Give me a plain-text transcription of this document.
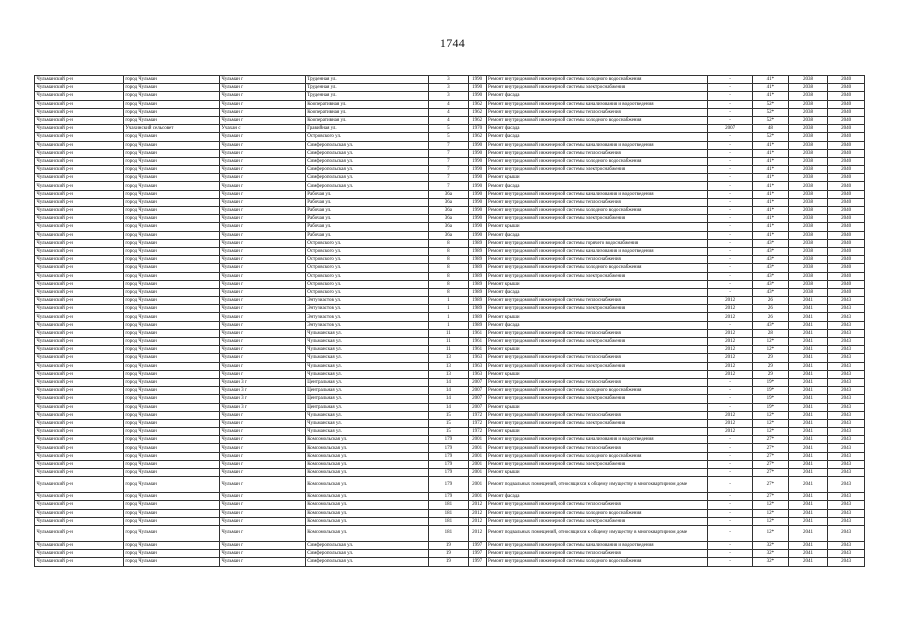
1744
Чульманский р-н	город Чульман	Чульман г	Труденная ул.	3	1990	Ремонт внутридомовой инженерной системы холодного водоснабжения	-	41*	2038	2040
Чульманский р-н	город Чульман	Чульман г	Труденная ул.	3	1990	Ремонт внутридомовой инженерной системы электроснабжения	-	41*	2038	2040
Чульманский р-н	город Чульман	Чульман г	Труденная ул.	3	1990	Ремонт фасада	-	41*	2038	2040
Чульманский р-н	город Чульман	Чульман г	Кооперативная ул.	4	1962	Ремонт внутридомовой инженерной системы канализования и водоотведения	-	52*	2038	2040
Чульманский р-н	город Чульман	Чульман г	Кооперативная ул.	4	1962	Ремонт внутридомовой инженерной системы теплоснабжения	-	52*	2038	2040
Чульманский р-н	город Чульман	Чульман г	Кооперативная ул.	4	1962	Ремонт внутридомовой инженерной системы холодного водоснабжения	-	52*	2038	2040
Чульманский р-н	Учахинский сельсовет	Учахан с	Гравийная ул.	5	1970	Ремонт фасада	2007	48	2038	2040
Чульманский р-н	город Чульман	Чульман г	Островского ул.	5	1962	Ремонт фасада	-	52*	2038	2040
Чульманский р-н	город Чульман	Чульман г	Симферопольская ул.	7	1990	Ремонт внутридомовой инженерной системы канализования и водоотведения	-	41*	2038	2040
Чульманский р-н	город Чульман	Чульман г	Симферопольская ул.	7	1990	Ремонт внутридомовой инженерной системы теплоснабжения	-	41*	2038	2040
Чульманский р-н	город Чульман	Чульман г	Симферопольская ул.	7	1990	Ремонт внутридомовой инженерной системы холодного водоснабжения	-	41*	2038	2040
Чульманский р-н	город Чульман	Чульман г	Симферопольская ул.	7	1990	Ремонт внутридомовой инженерной системы электроснабжения	-	41*	2038	2040
Чульманский р-н	город Чульман	Чульман г	Симферопольская ул.	7	1990	Ремонт крыши	-	41*	2038	2040
Чульманский р-н	город Чульман	Чульман г	Симферопольская ул.	7	1990	Ремонт фасада	-	41*	2038	2040
Чульманский р-н	город Чульман	Чульман г	Рабочая ул.	36а	1990	Ремонт внутридомовой инженерной системы канализования и водоотведения	-	41*	2038	2040
Чульманский р-н	город Чульман	Чульман г	Рабочая ул.	36а	1990	Ремонт внутридомовой инженерной системы теплоснабжения	-	41*	2038	2040
Чульманский р-н	город Чульман	Чульман г	Рабочая ул.	36а	1990	Ремонт внутридомовой инженерной системы холодного водоснабжения	-	41*	2038	2040
Чульманский р-н	город Чульман	Чульман г	Рабочая ул.	36а	1990	Ремонт внутридомовой инженерной системы электроснабжения	-	41*	2038	2040
Чульманский р-н	город Чульман	Чульман г	Рабочая ул.	36а	1990	Ремонт крыши	-	41*	2038	2040
Чульманский р-н	город Чульман	Чульман г	Рабочая ул.	36а	1990	Ремонт фасада	-	41*	2038	2040
Чульманский р-н	город Чульман	Чульман г	Островского ул.	8	1989	Ремонт внутридомовой инженерной системы горячего водоснабжения	-	43*	2038	2040
Чульманский р-н	город Чульман	Чульман г	Островского ул.	8	1989	Ремонт внутридомовой инженерной системы канализования и водоотведения	-	43*	2038	2040
Чульманский р-н	город Чульман	Чульман г	Островского ул.	8	1989	Ремонт внутридомовой инженерной системы теплоснабжения	-	43*	2038	2040
Чульманский р-н	город Чульман	Чульман г	Островского ул.	8	1989	Ремонт внутридомовой инженерной системы холодного водоснабжения	-	43*	2038	2040
Чульманский р-н	город Чульман	Чульман г	Островского ул.	8	1989	Ремонт внутридомовой инженерной системы электроснабжения	-	43*	2038	2040
Чульманский р-н	город Чульман	Чульман г	Островского ул.	8	1989	Ремонт крыши	-	43*	2038	2040
Чульманский р-н	город Чульман	Чульман г	Островского ул.	8	1989	Ремонт фасада	-	43*	2038	2040
Чульманский р-н	город Чульман	Чульман г	Энтузиастов ул.	1	1989	Ремонт внутридомовой инженерной системы теплоснабжения	2012	26	2041	2043
Чульманский р-н	город Чульман	Чульман г	Энтузиастов ул.	1	1989	Ремонт внутридомовой инженерной системы электроснабжения	2012	26	2041	2043
Чульманский р-н	город Чульман	Чульман г	Энтузиастов ул.	1	1989	Ремонт крыши	2012	26	2041	2043
Чульманский р-н	город Чульман	Чульман г	Энтузиастов ул.	1	1989	Ремонт фасада	-	43*	2041	2043
Чульманский р-н	город Чульман	Чульман г	Чульманская ул.	11	1961	Ремонт внутридомовой инженерной системы теплоснабжения	2012	28	2041	2043
Чульманский р-н	город Чульман	Чульман г	Чульманская ул.	11	1961	Ремонт внутридомовой инженерной системы электроснабжения	2012	12*	2041	2043
Чульманский р-н	город Чульман	Чульман г	Чульманская ул.	11	1961	Ремонт крыши	2012	12*	2041	2043
Чульманский р-н	город Чульман	Чульман г	Чульманская ул.	13	1963	Ремонт внутридомовой инженерной системы теплоснабжения	2012	29	2041	2043
Чульманский р-н	город Чульман	Чульман г	Чульманская ул.	13	1963	Ремонт внутридомовой инженерной системы электроснабжения	2012	29	2041	2043
Чульманский р-н	город Чульман	Чульман г	Чульманская ул.	13	1963	Ремонт крыши	2012	29	2041	2043
Чульманский р-н	город Чульман	Чульман 3 г	Центральная ул.	14	2007	Ремонт внутридомовой инженерной системы теплоснабжения	-	19*	2041	2043
Чульманский р-н	город Чульман	Чульман 3 г	Центральная ул.	14	2007	Ремонт внутридомовой инженерной системы холодного водоснабжения	-	19*	2041	2043
Чульманский р-н	город Чульман	Чульман 3 г	Центральная ул.	14	2007	Ремонт внутридомовой инженерной системы электроснабжения	-	19*	2041	2043
Чульманский р-н	город Чульман	Чульман 3 г	Центральная ул.	14	2007	Ремонт крыши	-	19*	2041	2043
Чульманский р-н	город Чульман	Чульман г	Чульманская ул.	15	1972	Ремонт внутридомовой инженерной системы теплоснабжения	2012	12*	2041	2043
Чульманский р-н	город Чульман	Чульман г	Чульманская ул.	15	1972	Ремонт внутридомовой инженерной системы электроснабжения	2012	12*	2041	2043
Чульманский р-н	город Чульман	Чульман г	Чульманская ул.	15	1972	Ремонт крыши	2012	12*	2041	2043
Чульманский р-н	город Чульман	Чульман г	Комсомольская ул.	179	2001	Ремонт внутридомовой инженерной системы канализования и водоотведения	-	27*	2041	2043
Чульманский р-н	город Чульман	Чульман г	Комсомольская ул.	179	2001	Ремонт внутридомовой инженерной системы теплоснабжения	-	27*	2041	2043
Чульманский р-н	город Чульман	Чульман г	Комсомольская ул.	179	2001	Ремонт внутридомовой инженерной системы холодного водоснабжения	-	27*	2041	2043
Чульманский р-н	город Чульман	Чульман г	Комсомольская ул.	179	2001	Ремонт внутридомовой инженерной системы электроснабжения	-	27*	2041	2043
Чульманский р-н	город Чульман	Чульман г	Комсомольская ул.	179	2001	Ремонт крыши	-	27*	2041	2043
Чульманский р-н	город Чульман	Чульман г	Комсомольская ул.	179	2001	Ремонт подвальных помещений, относящихся к общему имуществу в многоквартирном доме	-	27*	2041	2043
Чульманский р-н	город Чульман	Чульман г	Комсомольская ул.	179	2001	Ремонт фасада	-	27*	2041	2043
Чульманский р-н	город Чульман	Чульман г	Комсомольская ул.	181	2012	Ремонт внутридомовой инженерной системы теплоснабжения	-	12*	2041	2043
Чульманский р-н	город Чульман	Чульман г	Комсомольская ул.	181	2012	Ремонт внутридомовой инженерной системы холодного водоснабжения	-	12*	2041	2043
Чульманский р-н	город Чульман	Чульман г	Комсомольская ул.	181	2012	Ремонт внутридомовой инженерной системы электроснабжения	-	12*	2041	2043
Чульманский р-н	город Чульман	Чульман г	Комсомольская ул.	181	2012	Ремонт подвальных помещений, относящихся к общему имуществу в многоквартирном доме	-	12*	2041	2043
Чульманский р-н	город Чульман	Чульман г	Симферопольская ул.	19	1997	Ремонт внутридомовой инженерной системы канализования и водоотведения	-	32*	2041	2043
Чульманский р-н	город Чульман	Чульман г	Симферопольская ул.	19	1997	Ремонт внутридомовой инженерной системы теплоснабжения	-	32*	2041	2043
Чульманский р-н	город Чульман	Чульман г	Симферопольская ул.	19	1997	Ремонт внутридомовой инженерной системы холодного водоснабжения	-	32*	2041	2043
